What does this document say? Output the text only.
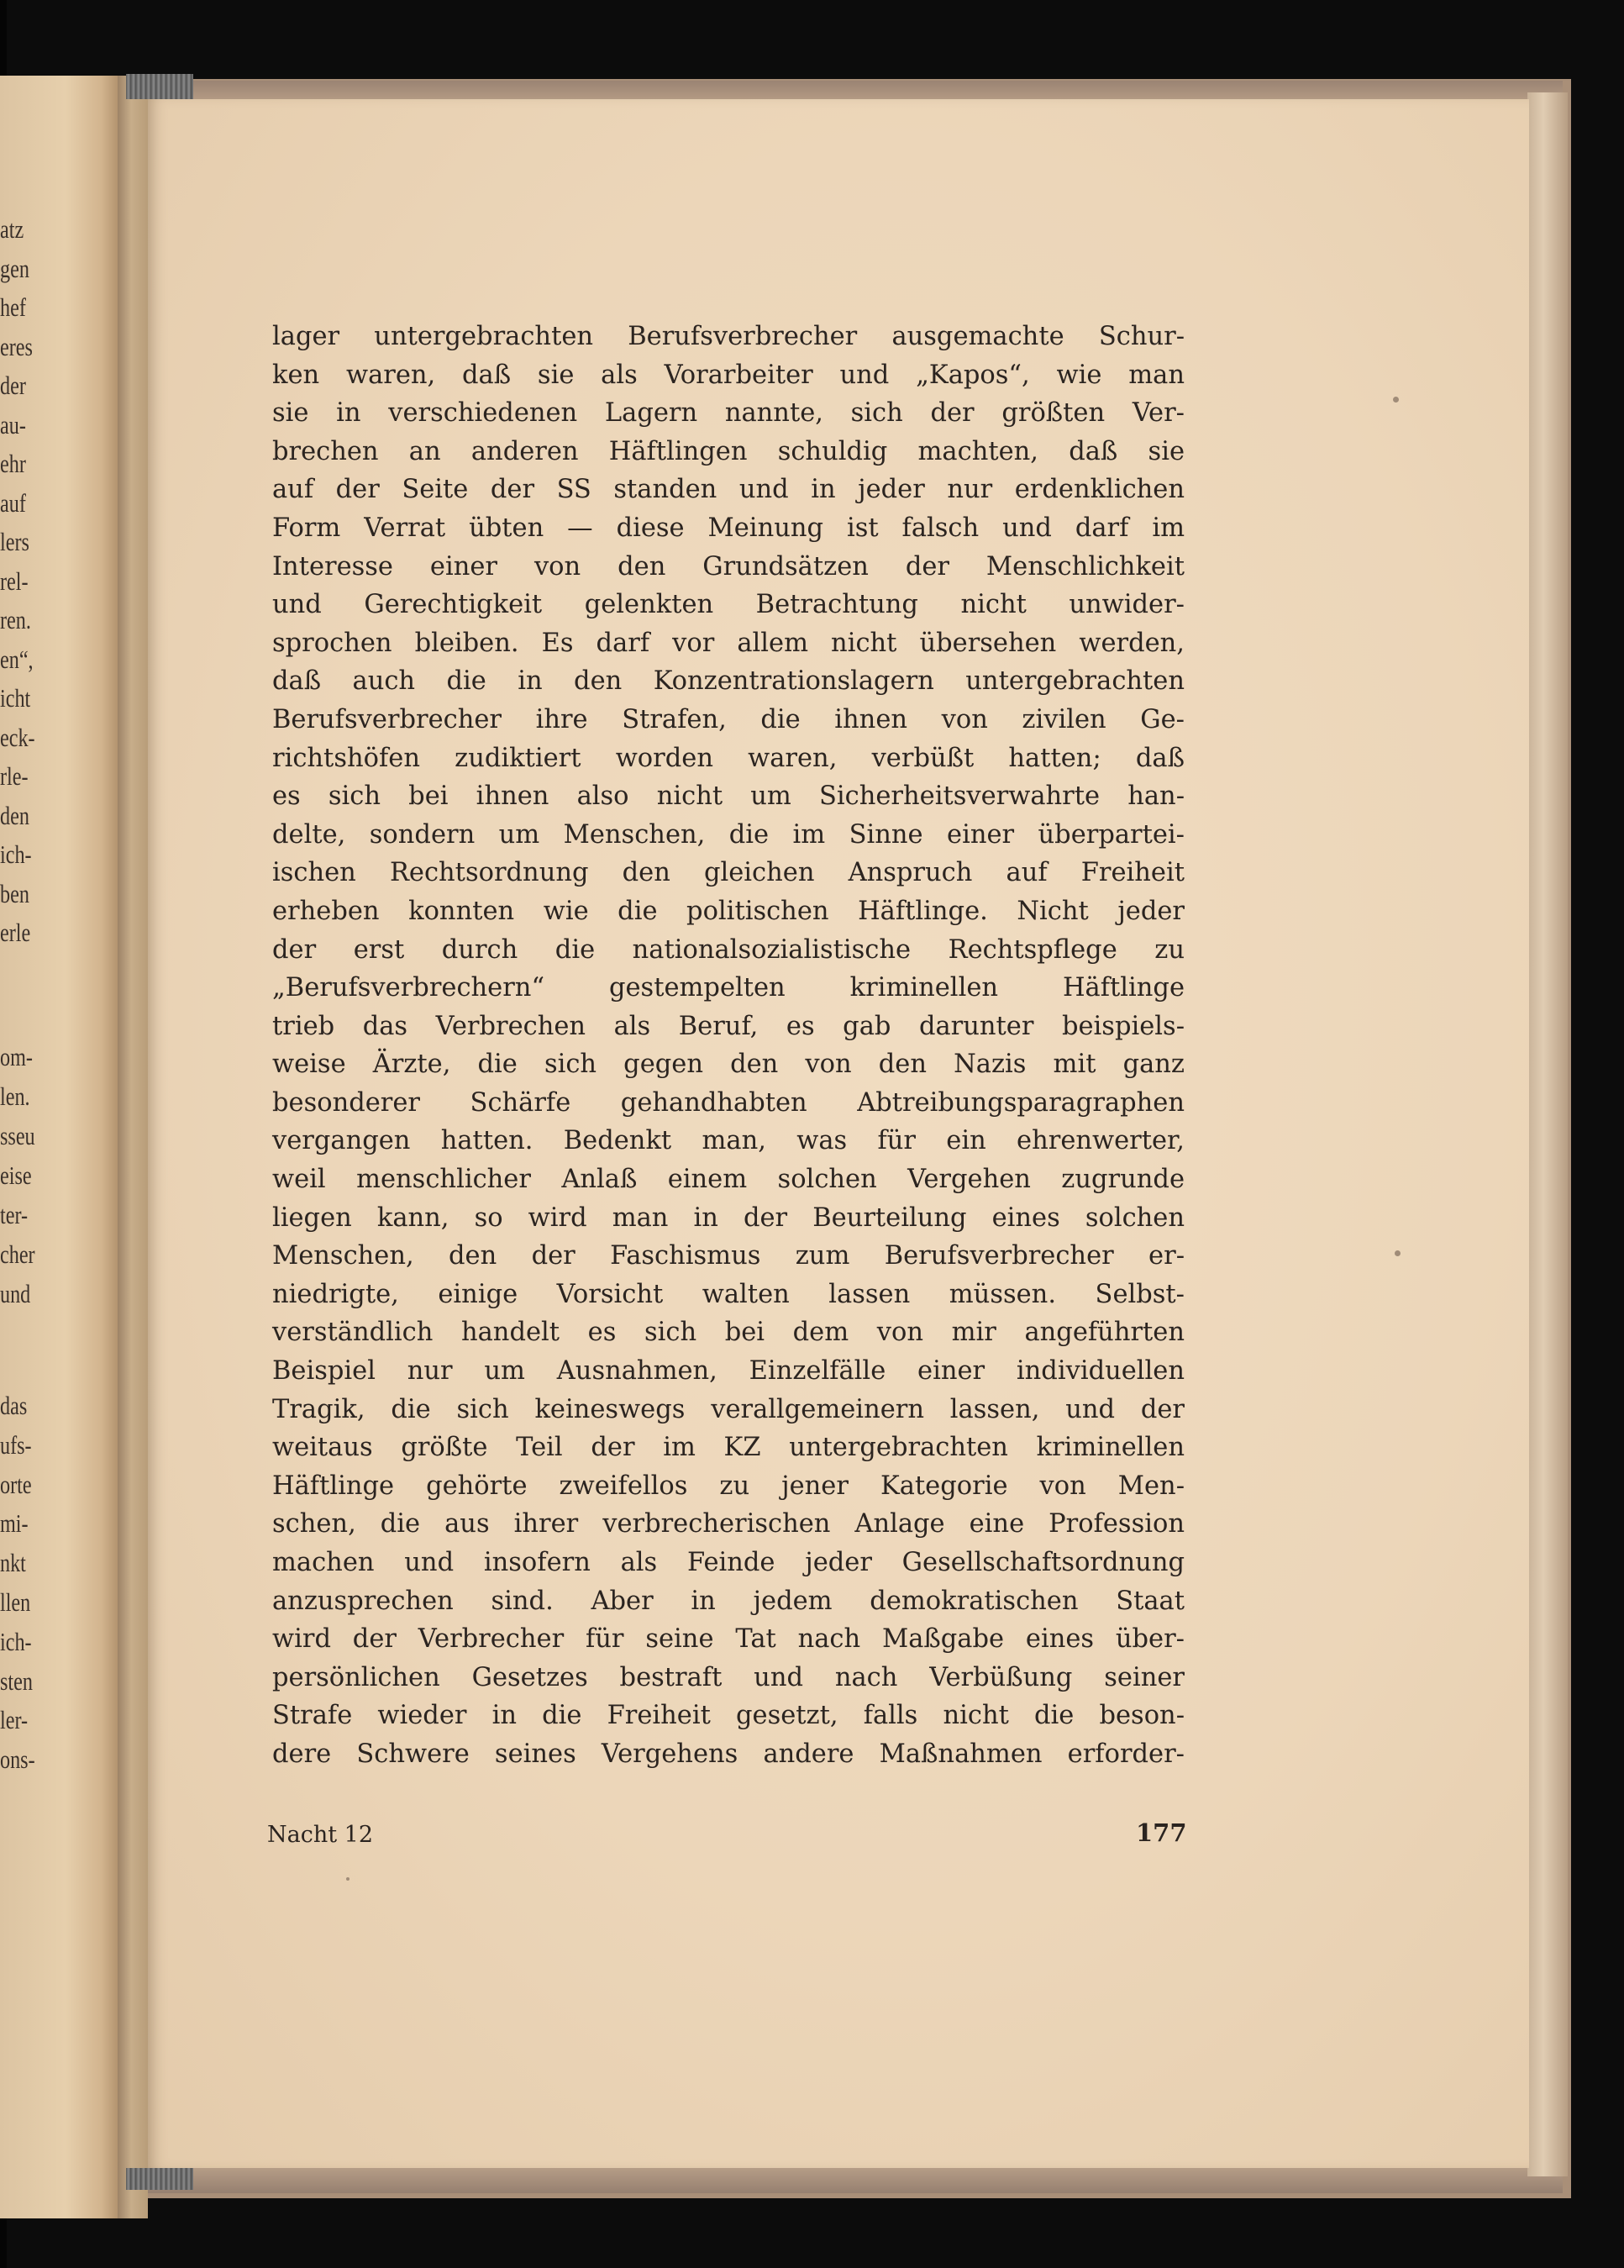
atz
gen
hef
eres
der
au-
ehr
auf
lers
rel-
ren.
en“,
icht
eck-
rle-
den
ich-
ben
erle
om-
len.
sseu
eise
ter-
cher
und
das
ufs-
orte
mi-
nkt
llen
ich-
sten
ler-
ons-
lager untergebrachten Berufsverbrecher ausgemachte Schur-
ken waren, daß sie als Vorarbeiter und „Kapos“, wie man
sie in verschiedenen Lagern nannte, sich der größten Ver-
brechen an anderen Häftlingen schuldig machten, daß sie
auf der Seite der SS standen und in jeder nur erdenklichen
Form Verrat übten — diese Meinung ist falsch und darf im
Interesse einer von den Grundsätzen der Menschlichkeit
und Gerechtigkeit gelenkten Betrachtung nicht unwider-
sprochen bleiben. Es darf vor allem nicht übersehen werden,
daß auch die in den Konzentrationslagern untergebrachten
Berufsverbrecher ihre Strafen, die ihnen von zivilen Ge-
richtshöfen zudiktiert worden waren, verbüßt hatten; daß
es sich bei ihnen also nicht um Sicherheitsverwahrte han-
delte, sondern um Menschen, die im Sinne einer überpartei-
ischen Rechtsordnung den gleichen Anspruch auf Freiheit
erheben konnten wie die politischen Häftlinge. Nicht jeder
der erst durch die nationalsozialistische Rechtspflege zu
„Berufsverbrechern“ gestempelten kriminellen Häftlinge
trieb das Verbrechen als Beruf, es gab darunter beispiels-
weise Ärzte, die sich gegen den von den Nazis mit ganz
besonderer Schärfe gehandhabten Abtreibungsparagraphen
vergangen hatten. Bedenkt man, was für ein ehrenwerter,
weil menschlicher Anlaß einem solchen Vergehen zugrunde
liegen kann, so wird man in der Beurteilung eines solchen
Menschen, den der Faschismus zum Berufsverbrecher er-
niedrigte, einige Vorsicht walten lassen müssen. Selbst-
verständlich handelt es sich bei dem von mir angeführten
Beispiel nur um Ausnahmen, Einzelfälle einer individuellen
Tragik, die sich keineswegs verallgemeinern lassen, und der
weitaus größte Teil der im KZ untergebrachten kriminellen
Häftlinge gehörte zweifellos zu jener Kategorie von Men-
schen, die aus ihrer verbrecherischen Anlage eine Profession
machen und insofern als Feinde jeder Gesellschaftsordnung
anzusprechen sind. Aber in jedem demokratischen Staat
wird der Verbrecher für seine Tat nach Maßgabe eines über-
persönlichen Gesetzes bestraft und nach Verbüßung seiner
Strafe wieder in die Freiheit gesetzt, falls nicht die beson-
dere Schwere seines Vergehens andere Maßnahmen erforder-
Nacht 12	177
